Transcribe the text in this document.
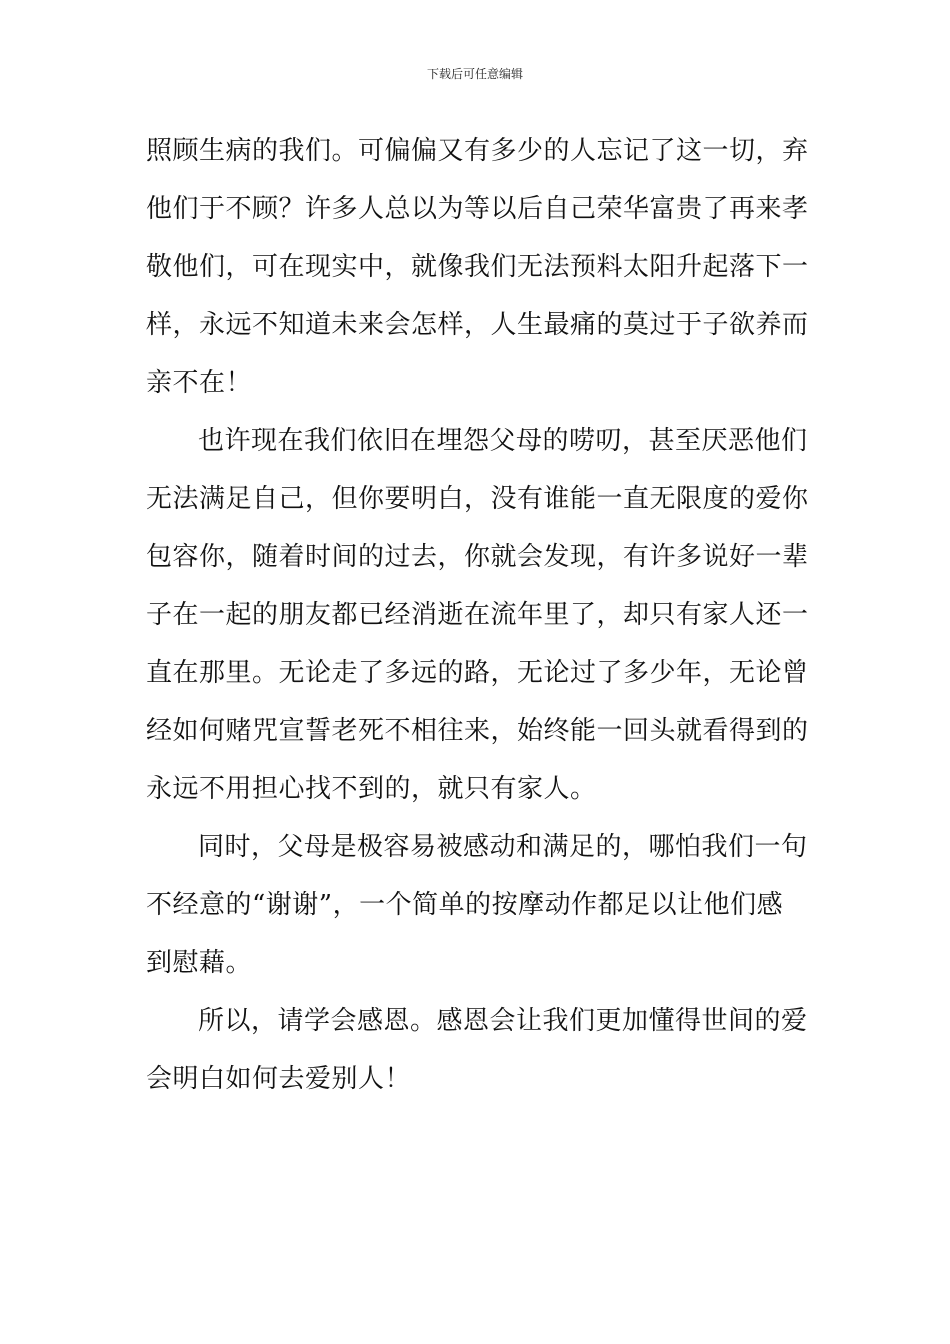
下载后可任意编辑
照顾生病的我们。可偏偏又有多少的人忘记了这一切，弃
他们于不顾？许多人总以为等以后自己荣华富贵了再来孝
敬他们，可在现实中，就像我们无法预料太阳升起落下一
样，永远不知道未来会怎样，人生最痛的莫过于子欲养而
亲不在！
也许现在我们依旧在埋怨父母的唠叨，甚至厌恶他们
无法满足自己，但你要明白，没有谁能一直无限度的爱你
包容你，随着时间的过去，你就会发现，有许多说好一辈
子在一起的朋友都已经消逝在流年里了，却只有家人还一
直在那里。无论走了多远的路，无论过了多少年，无论曾
经如何赌咒宣誓老死不相往来，始终能一回头就看得到的
永远不用担心找不到的，就只有家人。
同时，父母是极容易被感动和满足的，哪怕我们一句
不经意的“谢谢”，一个简单的按摩动作都足以让他们感
到慰藉。
所以，请学会感恩。感恩会让我们更加懂得世间的爱
会明白如何去爱别人！
